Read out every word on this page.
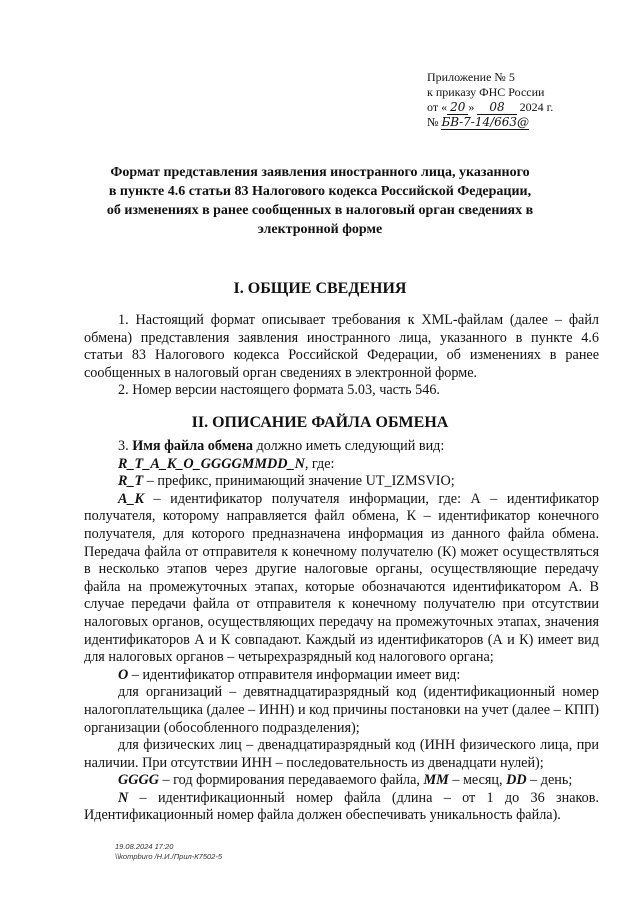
Приложение № 5
к приказу ФНС России
от « 20 » 08 2024 г.
№ БВ-7-14/663@
Формат представления заявления иностранного лица, указанного
в пункте 4.6 статьи 83 Налогового кодекса Российской Федерации,
об изменениях в ранее сообщенных в налоговый орган сведениях в
электронной форме
I. ОБЩИЕ СВЕДЕНИЯ

1. Настоящий формат описывает требования к XML-файлам (далее – файл обмена) представления заявления иностранного лица, указанного в пункте 4.6 статьи 83 Налогового кодекса Российской Федерации, об изменениях в ранее сообщенных в налоговый орган сведениях в электронной форме.

2. Номер версии настоящего формата 5.03, часть 546.

II. ОПИСАНИЕ ФАЙЛА ОБМЕНА

3. Имя файла обмена должно иметь следующий вид:

R_T_A_K_O_GGGGMMDD_N, где:

R_T – префикс, принимающий значение UT_IZMSVIO;

A_K – идентификатор получателя информации, где: А – идентификатор получателя, которому направляется файл обмена, К – идентификатор конечного получателя, для которого предназначена информация из данного файла обмена. Передача файла от отправителя к конечному получателю (К) может осуществляться в несколько этапов через другие налоговые органы, осуществляющие передачу файла на промежуточных этапах, которые обозначаются идентификатором А. В случае передачи файла от отправителя к конечному получателю при отсутствии налоговых органов, осуществляющих передачу на промежуточных этапах, значения идентификаторов А и К совпадают. Каждый из идентификаторов (А и К) имеет вид для налоговых органов – четырехразрядный код налогового органа;

O – идентификатор отправителя информации имеет вид:

для организаций – девятнадцатиразрядный код (идентификационный номер налогоплательщика (далее – ИНН) и код причины постановки на учет (далее – КПП) организации (обособленного подразделения);

для физических лиц – двенадцатиразрядный код (ИНН физического лица, при наличии. При отсутствии ИНН – последовательность из двенадцати нулей);

GGGG – год формирования передаваемого файла, MM – месяц, DD – день;

N – идентификационный номер файла (длина – от 1 до 36 знаков. Идентификационный номер файла должен обеспечивать уникальность файла).

19.08.2024 17:20
\\kompburo /Н.И./Прил-К7502-5
